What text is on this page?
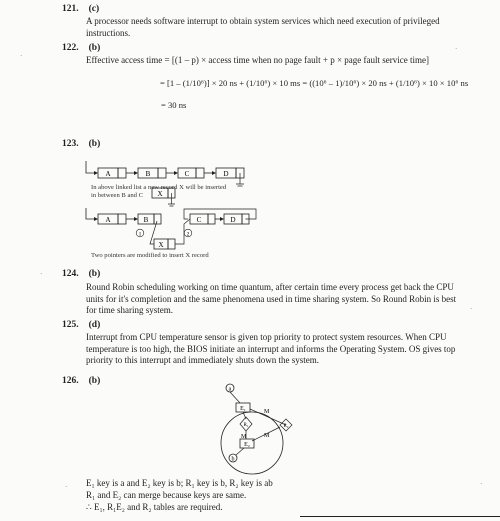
121. (c)
A processor needs software interrupt to obtain system services which need execution of privileged instructions.
122. (b)
Effective access time = [(1 – p) × access time when no page fault + p × page fault service time]
= [1 – (1/10⁶)] × 20 ns + (1/10⁶) × 10 ms = ((10⁶ – 1)/10⁶) × 20 ns + (1/10⁶) × 10 × 10⁶ ns
= 30 ns
123. (b)
A	B	C	D
X
In above linked list a new record X will be inserted in between B and C
A	B	C	D
X
1	2
Two pointers are modified to insert X record
124. (b)
Round Robin scheduling working on time quantum, after certain time every process get back the CPU units for it's completion and the same phenomena used in time sharing system. So Round Robin is best for time sharing system.
125. (d)
Interrupt from CPU temperature sensor is given top priority to protect system resources. When CPU temperature is too high, the BIOS initiate an interrupt and informs the Operating System. OS gives top priority to this interrupt and immediately shuts down the system.
126. (b)
a
E₁	M
R₂
R₁
M	M
E₂
b
E₁ key is a and E₂ key is b; R₁ key is b, R₂ key is ab
R₁ and E₂ can merge because keys are same.
∴ E₁, R₁E₂ and R₂ tables are required.
·
·
·
·
·
·
